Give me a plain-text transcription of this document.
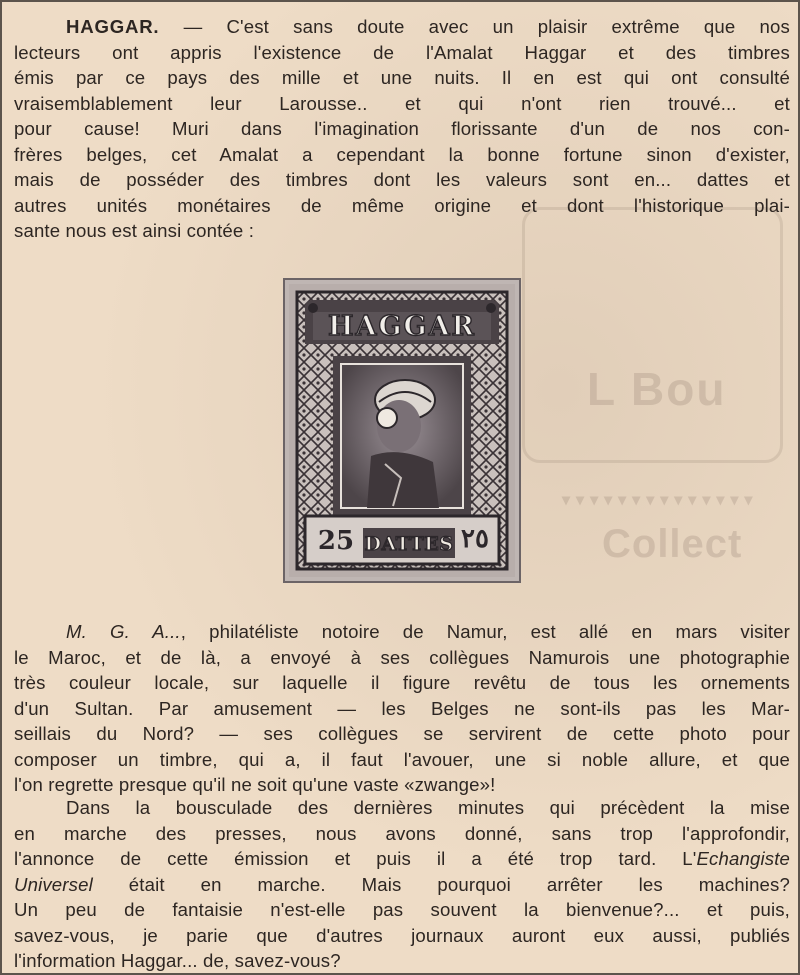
L Bou
Collect
▾▾▾▾▾▾▾▾▾▾▾▾▾▾
HAGGAR. — C'est sans doute avec un plaisir extrême que nos
lecteurs ont appris l'existence de l'Amalat Haggar et des timbres
émis par ce pays des mille et une nuits. Il en est qui ont consulté
vraisemblablement leur Larousse.. et qui n'ont rien trouvé... et
pour cause! Muri dans l'imagination florissante d'un de nos con-
frères belges, cet Amalat a cependant la bonne fortune sinon d'exister,
mais de posséder des timbres dont les valeurs sont en... dattes et
autres unités monétaires de même origine et dont l'historique plai-
sante nous est ainsi contée :
HAGGAR
25 DATTES ٢٥
M. G. A..., philatéliste notoire de Namur, est allé en mars visiter
le Maroc, et de là, a envoyé à ses collègues Namurois une photographie
très couleur locale, sur laquelle il figure revêtu de tous les ornements
d'un Sultan. Par amusement — les Belges ne sont-ils pas les Mar-
seillais du Nord? — ses collègues se servirent de cette photo pour
composer un timbre, qui a, il faut l'avouer, une si noble allure, et que
l'on regrette presque qu'il ne soit qu'une vaste «zwange»!
Dans la bousculade des dernières minutes qui précèdent la mise
en marche des presses, nous avons donné, sans trop l'approfondir,
l'annonce de cette émission et puis il a été trop tard. L'Echangiste
Universel était en marche. Mais pourquoi arrêter les machines?
Un peu de fantaisie n'est-elle pas souvent la bienvenue?... et puis,
savez-vous, je parie que d'autres journaux auront eux aussi, publiés
l'information Haggar... de, savez-vous?
